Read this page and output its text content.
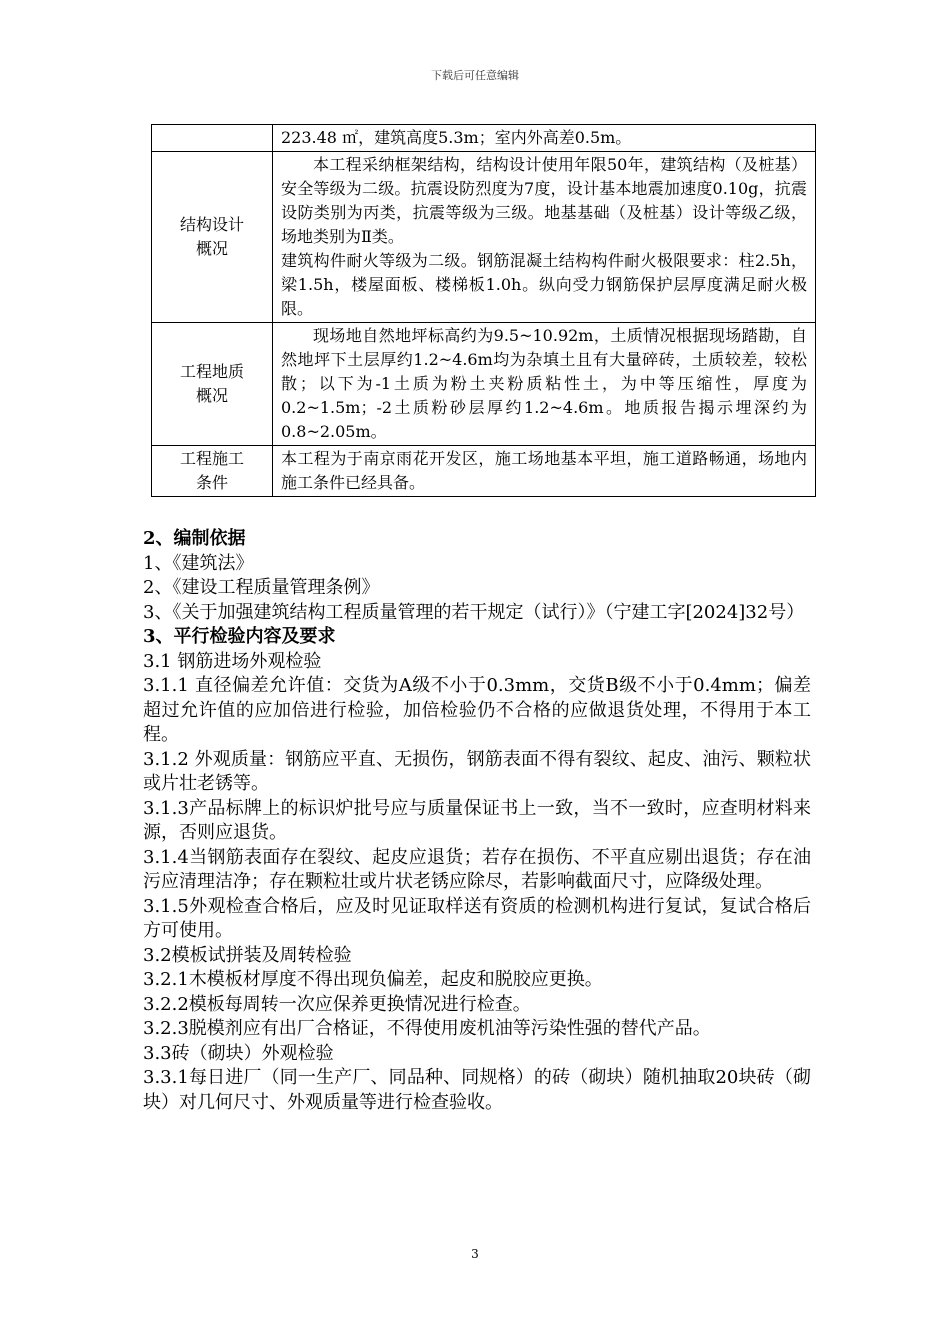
下载后可任意编辑

	223.48 ㎡，建筑高度5.3m；室内外高差0.5m。

结构设计概况	本工程采纳框架结构，结构设计使用年限50年，建筑结构（及桩基）安全等级为二级。抗震设防烈度为7度，设计基本地震加速度0.10g，抗震设防类别为丙类，抗震等级为三级。地基基础（及桩基）设计等级乙级，场地类别为Ⅱ类。
建筑构件耐火等级为二级。钢筋混凝土结构构件耐火极限要求：柱2.5h，梁1.5h，楼屋面板、楼梯板1.0h。纵向受力钢筋保护层厚度满足耐火极限。

工程地质概况	现场地自然地坪标高约为9.5~10.92m，土质情况根据现场踏勘，自然地坪下土层厚约1.2~4.6m均为杂填土且有大量碎砖，土质较差，较松散；以下为-1土质为粉土夹粉质粘性土，为中等压缩性，厚度为0.2~1.5m；-2土质粉砂层厚约1.2~4.6m。地质报告揭示埋深约为0.8~2.05m。

工程施工条件	本工程为于南京雨花开发区，施工场地基本平坦，施工道路畅通，场地内施工条件已经具备。

2、编制依据

1、《建筑法》

2、《建设工程质量管理条例》

3、《关于加强建筑结构工程质量管理的若干规定（试行）》（宁建工字[2024]32号）

3、平行检验内容及要求

3.1 钢筋进场外观检验

3.1.1 直径偏差允许值：交货为A级不小于0.3mm，交货B级不小于0.4mm；偏差超过允许值的应加倍进行检验，加倍检验仍不合格的应做退货处理，不得用于本工程。

3.1.2 外观质量：钢筋应平直、无损伤，钢筋表面不得有裂纹、起皮、油污、颗粒状或片壮老锈等。

3.1.3产品标牌上的标识炉批号应与质量保证书上一致，当不一致时，应查明材料来源，否则应退货。

3.1.4当钢筋表面存在裂纹、起皮应退货；若存在损伤、不平直应剔出退货；存在油污应清理洁净；存在颗粒壮或片状老锈应除尽，若影响截面尺寸，应降级处理。

3.1.5外观检查合格后，应及时见证取样送有资质的检测机构进行复试，复试合格后方可使用。

3.2模板试拼装及周转检验

3.2.1木模板材厚度不得出现负偏差，起皮和脱胶应更换。

3.2.2模板每周转一次应保养更换情况进行检查。

3.2.3脱模剂应有出厂合格证，不得使用废机油等污染性强的替代产品。

3.3砖（砌块）外观检验

3.3.1每日进厂（同一生产厂、同品种、同规格）的砖（砌块）随机抽取20块砖（砌块）对几何尺寸、外观质量等进行检查验收。

3
